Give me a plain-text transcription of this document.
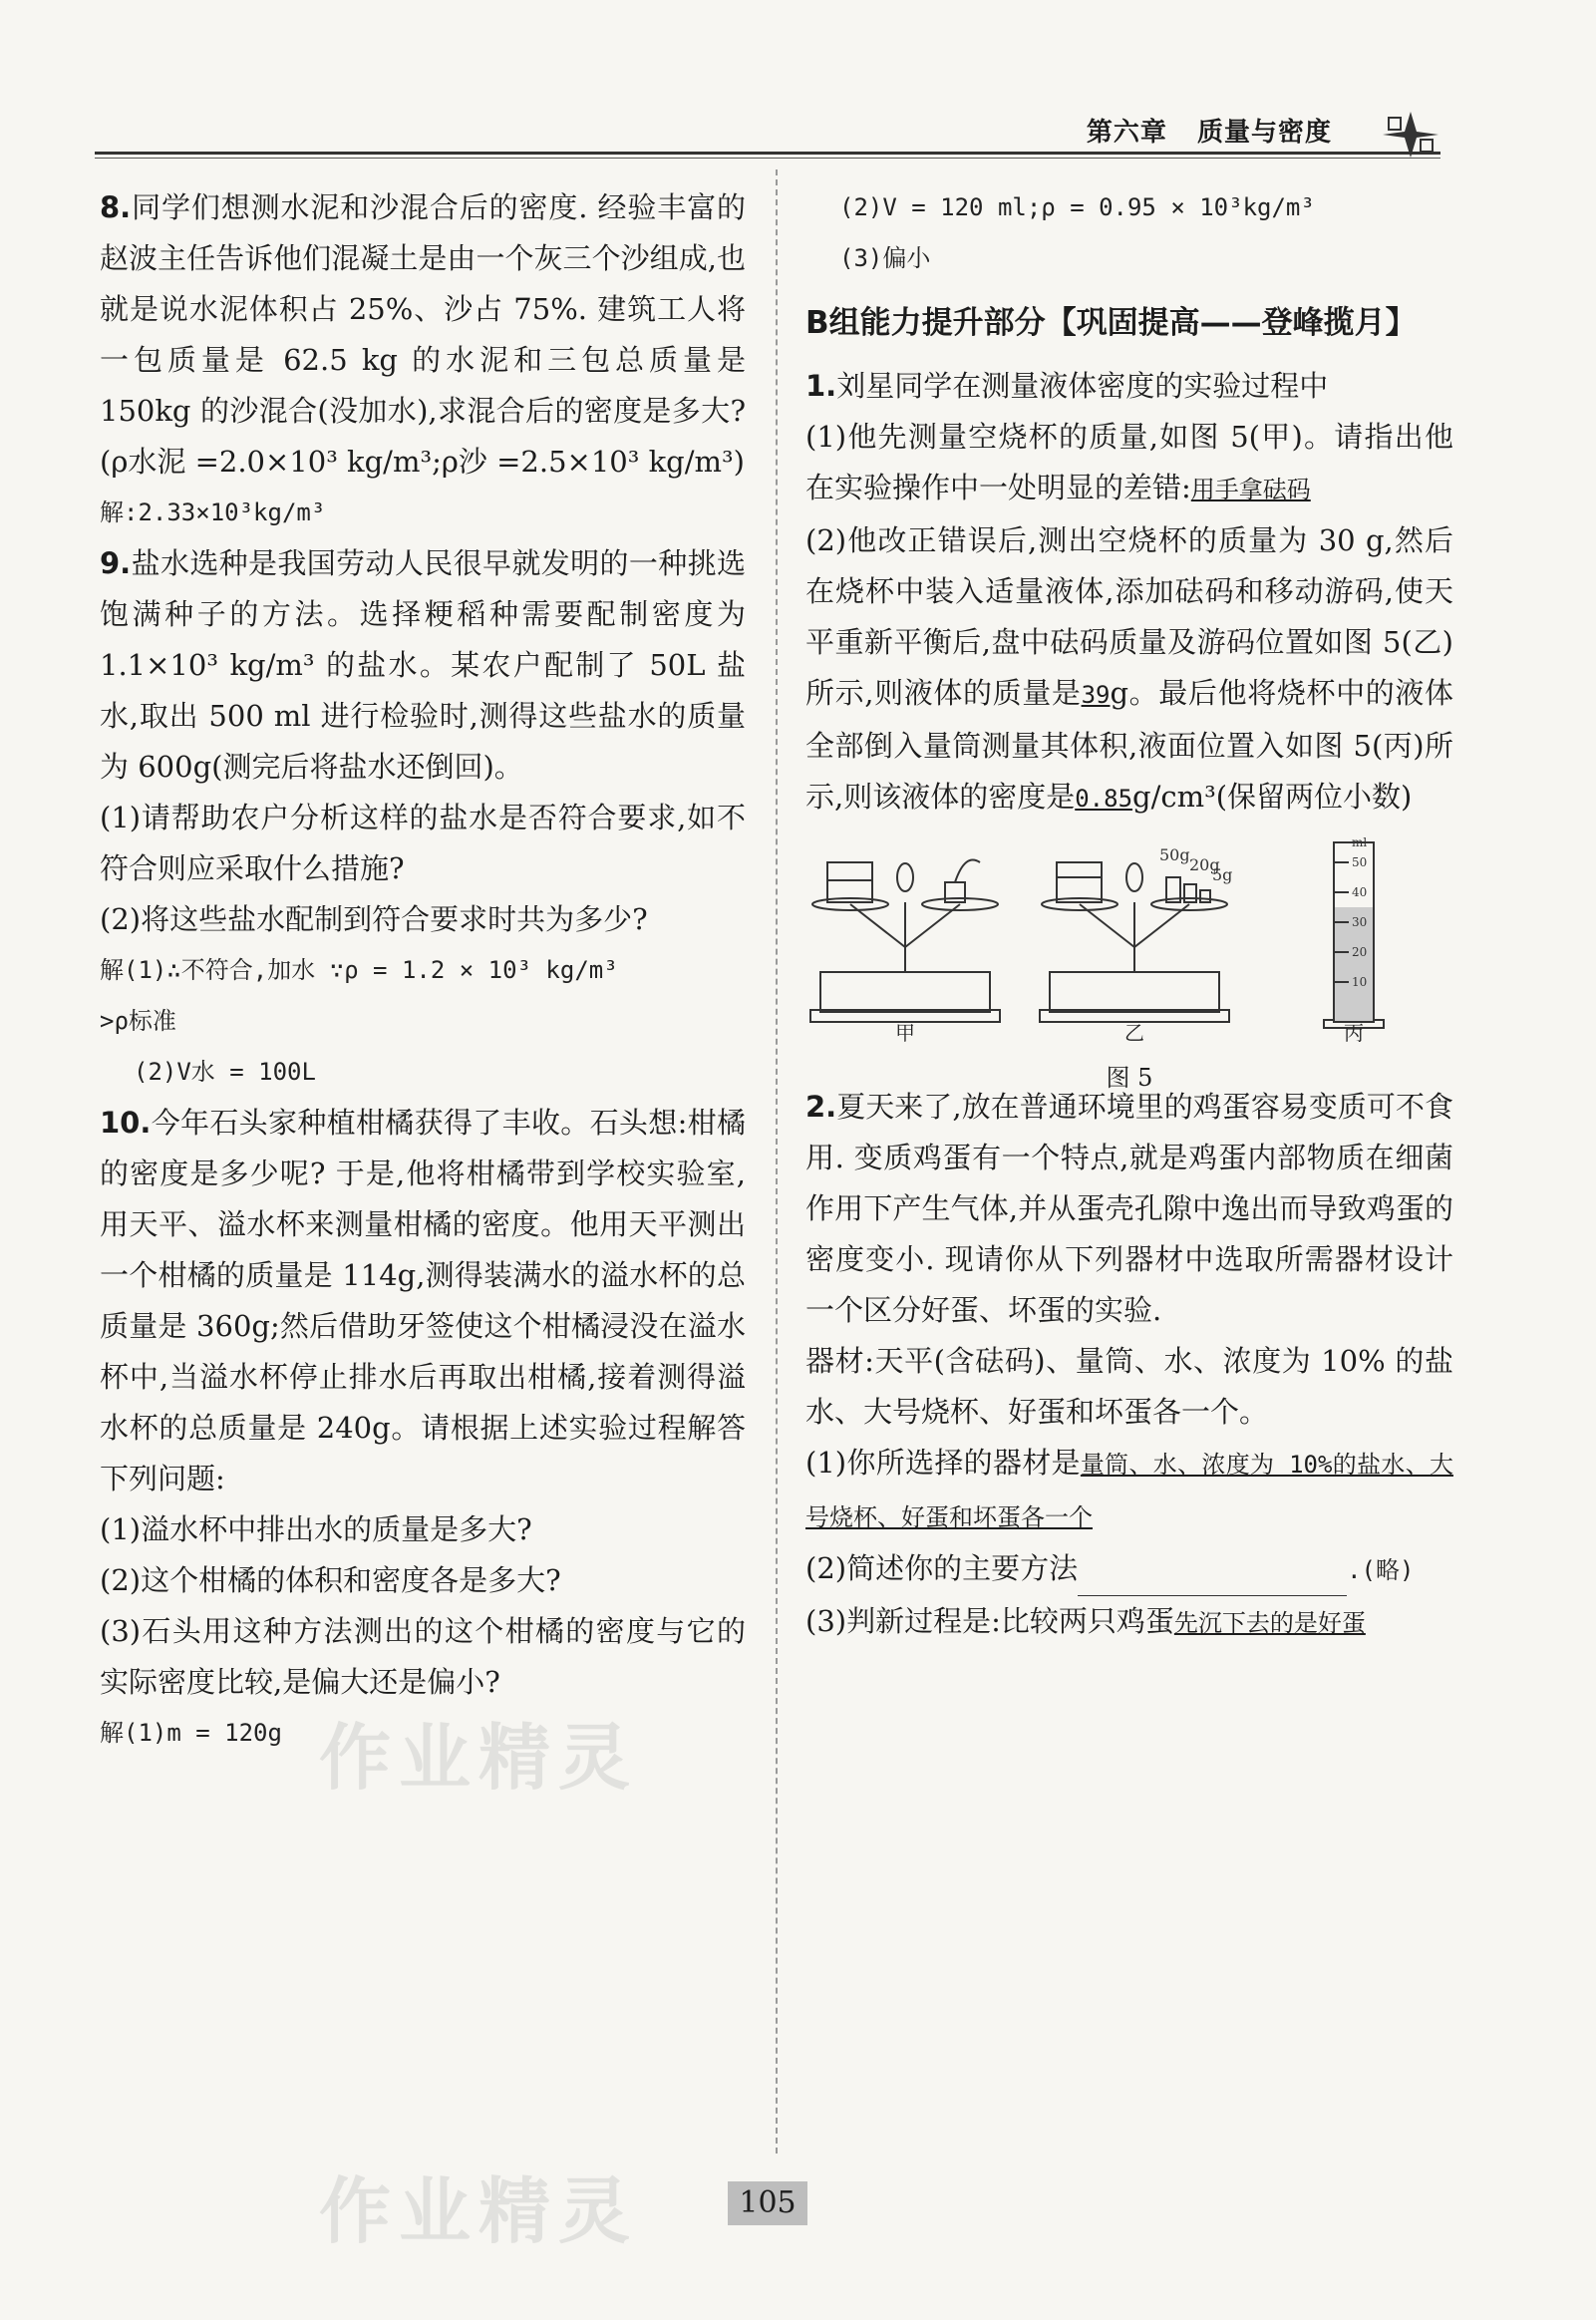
第六章 质量与密度

8.同学们想测水泥和沙混合后的密度. 经验丰富的赵波主任告诉他们混凝土是由一个灰三个沙组成,也就是说水泥体积占 25%、沙占 75%. 建筑工人将一包质量是 62.5 kg 的水泥和三包总质量是 150kg 的沙混合(没加水),求混合后的密度是多大? (ρ水泥 =2.0×10³ kg/m³;ρ沙 =2.5×10³ kg/m³)

解:2.33×10³kg/m³

9.盐水选种是我国劳动人民很早就发明的一种挑选饱满种子的方法。选择粳稻种需要配制密度为 1.1×10³ kg/m³ 的盐水。某农户配制了 50L 盐水,取出 500 ml 进行检验时,测得这些盐水的质量为 600g(测完后将盐水还倒回)。

(1)请帮助农户分析这样的盐水是否符合要求,如不符合则应采取什么措施?

(2)将这些盐水配制到符合要求时共为多少?

解(1)∴不符合,加水 ∵ρ = 1.2 × 10³ kg/m³

>ρ标准

(2)V水 = 100L

10.今年石头家种植柑橘获得了丰收。石头想:柑橘的密度是多少呢? 于是,他将柑橘带到学校实验室,用天平、溢水杯来测量柑橘的密度。他用天平测出一个柑橘的质量是 114g,测得装满水的溢水杯的总质量是 360g;然后借助牙签使这个柑橘浸没在溢水杯中,当溢水杯停止排水后再取出柑橘,接着测得溢水杯的总质量是 240g。请根据上述实验过程解答下列问题:

(1)溢水杯中排出水的质量是多大?

(2)这个柑橘的体积和密度各是多大?

(3)石头用这种方法测出的这个柑橘的密度与它的实际密度比较,是偏大还是偏小?

解(1)m = 120g

(2)V = 120 ml;ρ = 0.95 × 10³kg/m³

(3)偏小

B组能力提升部分【巩固提高——登峰揽月】

1.刘星同学在测量液体密度的实验过程中

(1)他先测量空烧杯的质量,如图 5(甲)。请指出他在实验操作中一处明显的差错:用手拿砝码

(2)他改正错误后,测出空烧杯的质量为 30 g,然后在烧杯中装入适量液体,添加砝码和移动游码,使天平重新平衡后,盘中砝码质量及游码位置如图 5(乙)所示,则液体的质量是39g。最后他将烧杯中的液体全部倒入量筒测量其体积,液面位置入如图 5(丙)所示,则该液体的密度是0.85g/cm³(保留两位小数)

50g
20g
5g
ml
50
40
30
20
10
甲	乙	丙
图 5

2.夏天来了,放在普通环境里的鸡蛋容易变质可不食用. 变质鸡蛋有一个特点,就是鸡蛋内部物质在细菌作用下产生气体,并从蛋壳孔隙中逸出而导致鸡蛋的密度变小. 现请你从下列器材中选取所需器材设计一个区分好蛋、坏蛋的实验.

器材:天平(含砝码)、量筒、水、浓度为 10% 的盐水、大号烧杯、好蛋和坏蛋各一个。

(1)你所选择的器材是量筒、水、浓度为 10%的盐水、大号烧杯、好蛋和坏蛋各一个

(2)简述你的主要方法	.(略)

(3)判新过程是:比较两只鸡蛋先沉下去的是好蛋

作业精灵
作业精灵	105
